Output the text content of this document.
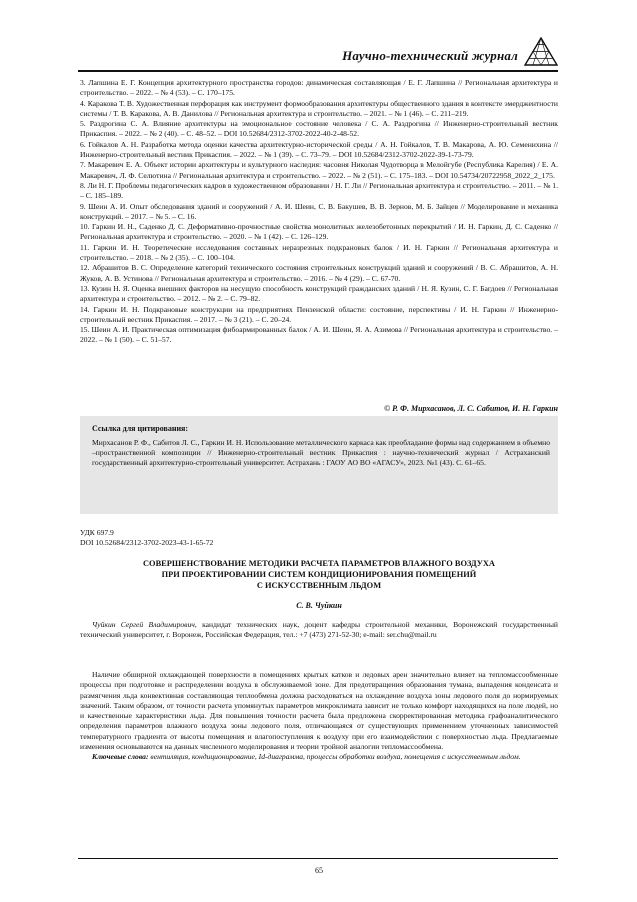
Научно-технический журнал

3. Лапшина Е. Г. Концепция архитектурного пространства городов: динамическая составляющая / Е. Г. Лапшина // Региональная архитектура и строительство. – 2022. – № 4 (53). – С. 170–175.

4. Каракова Т. В. Художественная перфорация как инструмент формообразования архитектуры общественного здания в контексте эмерджентности системы / Т. В. Каракова, А. В. Данилова // Региональная архитектура и строительство. – 2021. – № 1 (46). – С. 211–219.

5. Раздрогина С. А. Влияние архитектуры на эмоциональное состояние человека / С. А. Раздрогина // Инженерно-строительный вестник Прикаспия. – 2022. – № 2 (40). – С. 48–52. – DOI 10.52684/2312-3702-2022-40-2-48-52.

6. Гойкалов А. Н. Разработка метода оценки качества архитектурно-исторической среды / А. Н. Гойкалов, Т. В. Макарова, А. Ю. Семенихина // Инженерно-строительный вестник Прикаспия. – 2022. – № 1 (39). – С. 73–79. – DOI 10.52684/2312-3702-2022-39-1-73-79.

7. Макаревич Е. А. Объект истории архитектуры и культурного наследия: часовня Николая Чудотворца в Мелойгубе (Республика Карелия) / Е. А. Макаревич, Л. Ф. Селютина // Региональная архитектура и строительство. – 2022. – № 2 (51). – С. 175–183. – DOI 10.54734/20722958_2022_2_175.

8. Ли Н. Г. Проблемы педагогических кадров в художественном образовании / Н. Г. Ли // Региональная архитектура и строительство. – 2011. – № 1. – С. 185–189.

9. Шеин А. И. Опыт обследования зданий и сооружений / А. И. Шеин, С. В. Бакушев, В. В. Зернов, М. Б. Зайцев // Моделирование и механика конструкций. – 2017. – № 5. – С. 16.

10. Гаркин И. Н., Саденко Д. С. Деформативно-прочностные свойства монолитных железобетонных перекрытий / И. Н. Гаркин, Д. С. Саденко // Региональная архитектура и строительство. – 2020. – № 1 (42). – С. 126–129.

11. Гаркин И. Н. Теоретические исследования составных неразрезных подкрановых балок / И. Н. Гаркин // Региональная архитектура и строительство. – 2018. – № 2 (35). – С. 100–104.

12. Абрашитов В. С. Определение категорий технического состояния строительных конструкций зданий и сооружений / В. С. Абрашитов, А. Н. Жуков, А. В. Устинова // Региональная архитектура и строительство. – 2016. – № 4 (29). – С. 67-70.

13. Кузин Н. Я. Оценка внешних факторов на несущую способность конструкций гражданских зданий / Н. Я. Кузин, С. Г. Багдоев // Региональная архитектура и строительство. – 2012. – № 2. – С. 79–82.

14. Гаркин И. Н. Подкрановые конструкции на предприятиях Пензенской области: состояние, перспективы / И. Н. Гаркин // Инженерно-строительный вестник Прикаспия. – 2017. – № 3 (21). – С. 20–24.

15. Шеин А. И. Практическая оптимизация фибоармированных балок / А. И. Шеин, Я. А. Азимова // Региональная архитектура и строительство. – 2022. – № 1 (50). – С. 51–57.

© Р. Ф. Мирхасанов, Л. С. Сабитов, И. Н. Гаркин
Ссылка для цитирования:
Мирхасанов Р. Ф., Сабитов Л. С., Гаркин И. Н. Использование металлического каркаса как преобладание формы над содержанием в объемно –пространственной композиции // Инженерно-строительный вестник Прикаспия : научно-технический журнал / Астраханский государственный архитектурно-строительный университет. Астрахань : ГАОУ АО ВО «АГАСУ», 2023. №1 (43). С. 61–65.
УДК 697.9
DOI 10.52684/2312-3702-2023-43-1-65-72
СОВЕРШЕНСТВОВАНИЕ МЕТОДИКИ РАСЧЕТА ПАРАМЕТРОВ ВЛАЖНОГО ВОЗДУХА
ПРИ ПРОЕКТИРОВАНИИ СИСТЕМ КОНДИЦИОНИРОВАНИЯ ПОМЕЩЕНИЙ
С ИСКУССТВЕННЫМ ЛЬДОМ
С. В. Чуйкин
Чуйкин Сергей Владимирович, кандидат технических наук, доцент кафедры строительной механики, Воронежский государственный технический университет, г. Воронеж, Российская Федерация, тел.: +7 (473) 271-52-30; e-mail: ser.chu@mail.ru
Наличие обширной охлаждающей поверхности в помещениях крытых катков и ледовых арен значительно влияет на тепломассообменные процессы при подготовке и распределении воздуха в обслуживаемой зоне. Для предотвращения образования тумана, выпадения конденсата и размягчения льда конвективная составляющая теплообмена должна расходоваться на охлаждение воздуха зоны ледового поля до нормируемых значений. Таким образом, от точности расчета упомянутых параметров микроклимата зависит не только комфорт находящихся на поле людей, но и качественные характеристики льда. Для повышения точности расчета была предложена скорректированная методика графоаналитического определения параметров влажного воздуха зоны ледового поля, отличающаяся от существующих применением уточненных зависимостей температурного градиента от высоты помещения и влагопоступления к воздуху при его взаимодействии с поверхностью льда. Предлагаемые изменения основываются на данных численного моделирования и теории тройной аналогии тепломассообмена.
Ключевые слова: вентиляция, кондиционирование, Id-диаграмма, процессы обработки воздуха, помещения с искусственным льдом.
65
